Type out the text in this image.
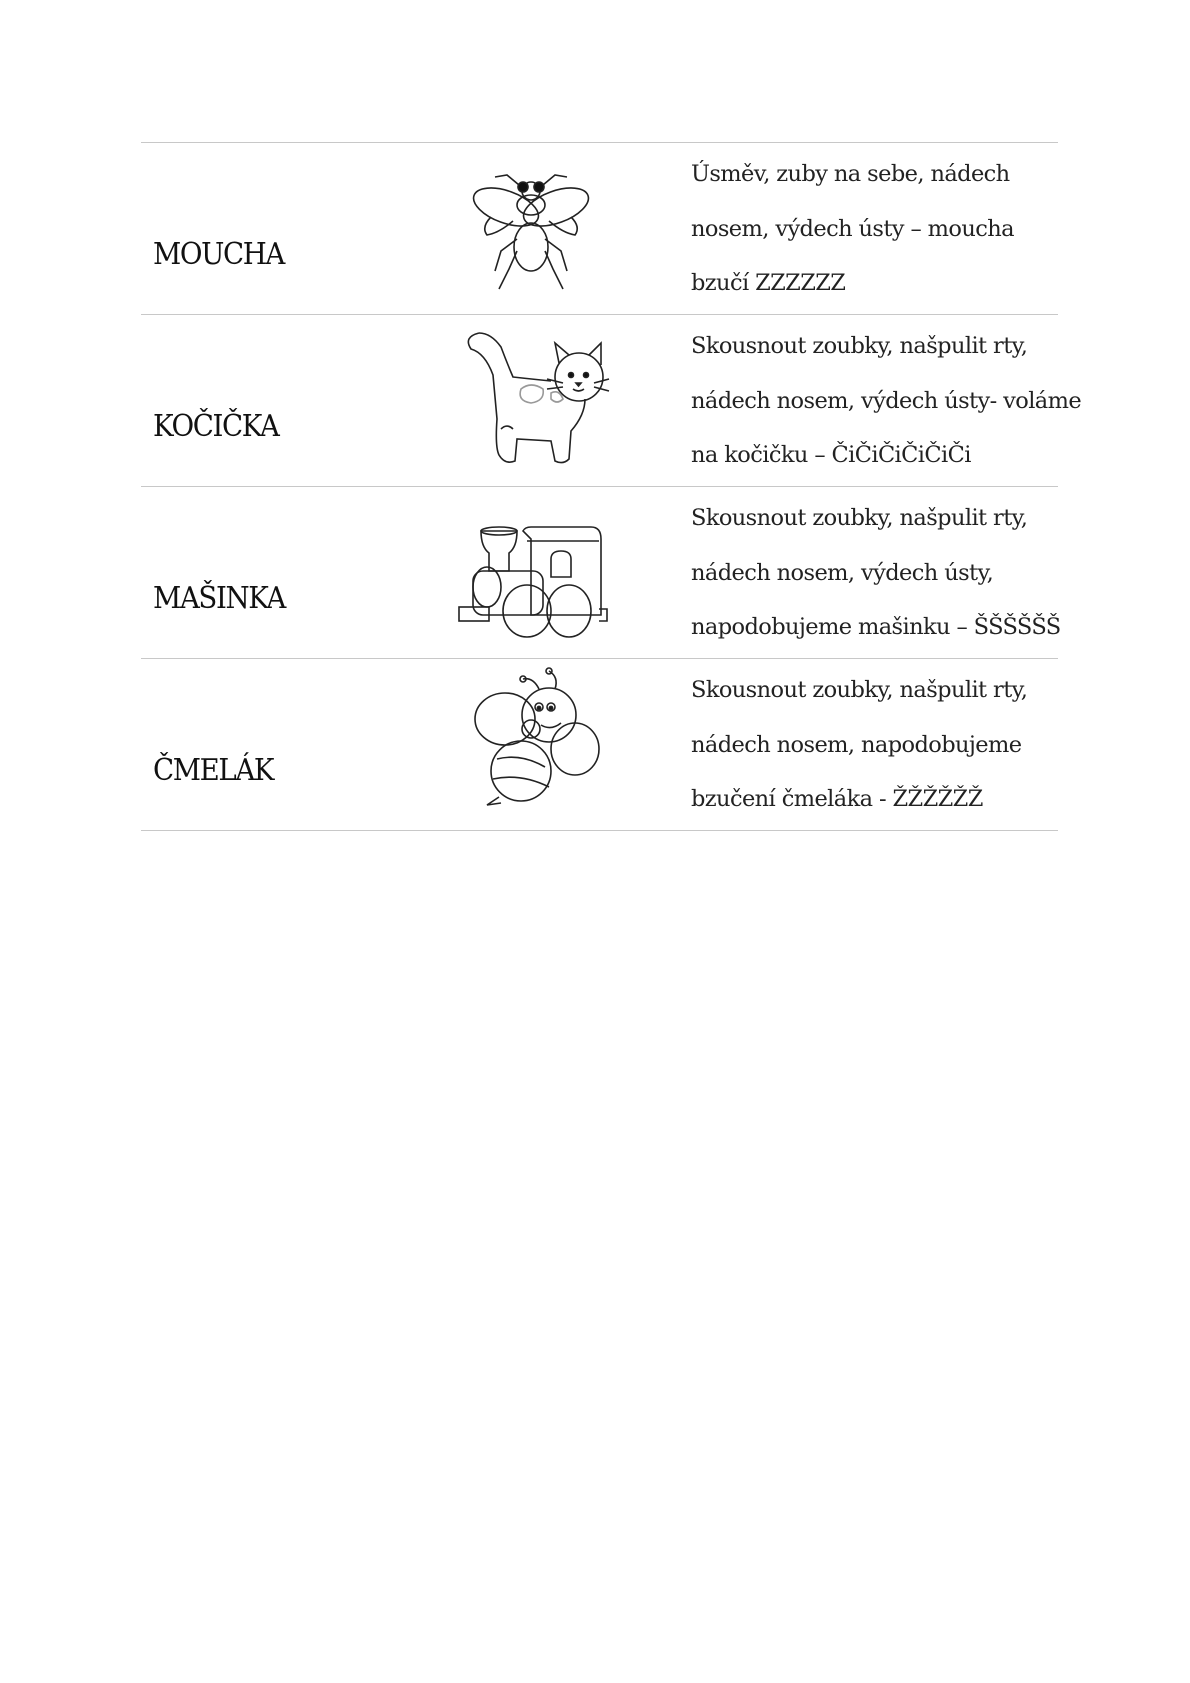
MOUCHA
Úsměv, zuby na sebe, nádech
nosem, výdech ústy – moucha
bzučí ZZZZZZ
KOČIČKA
Skousnout zoubky, našpulit rty,
nádech nosem, výdech ústy- voláme
na kočičku – ČiČiČiČiČiČi
MAŠINKA
Skousnout zoubky, našpulit rty,
nádech nosem, výdech ústy,
napodobujeme mašinku – ŠŠŠŠŠŠ
ČMELÁK
Skousnout zoubky, našpulit rty,
nádech nosem, napodobujeme
bzučení čmeláka - ŽŽŽŽŽŽ
